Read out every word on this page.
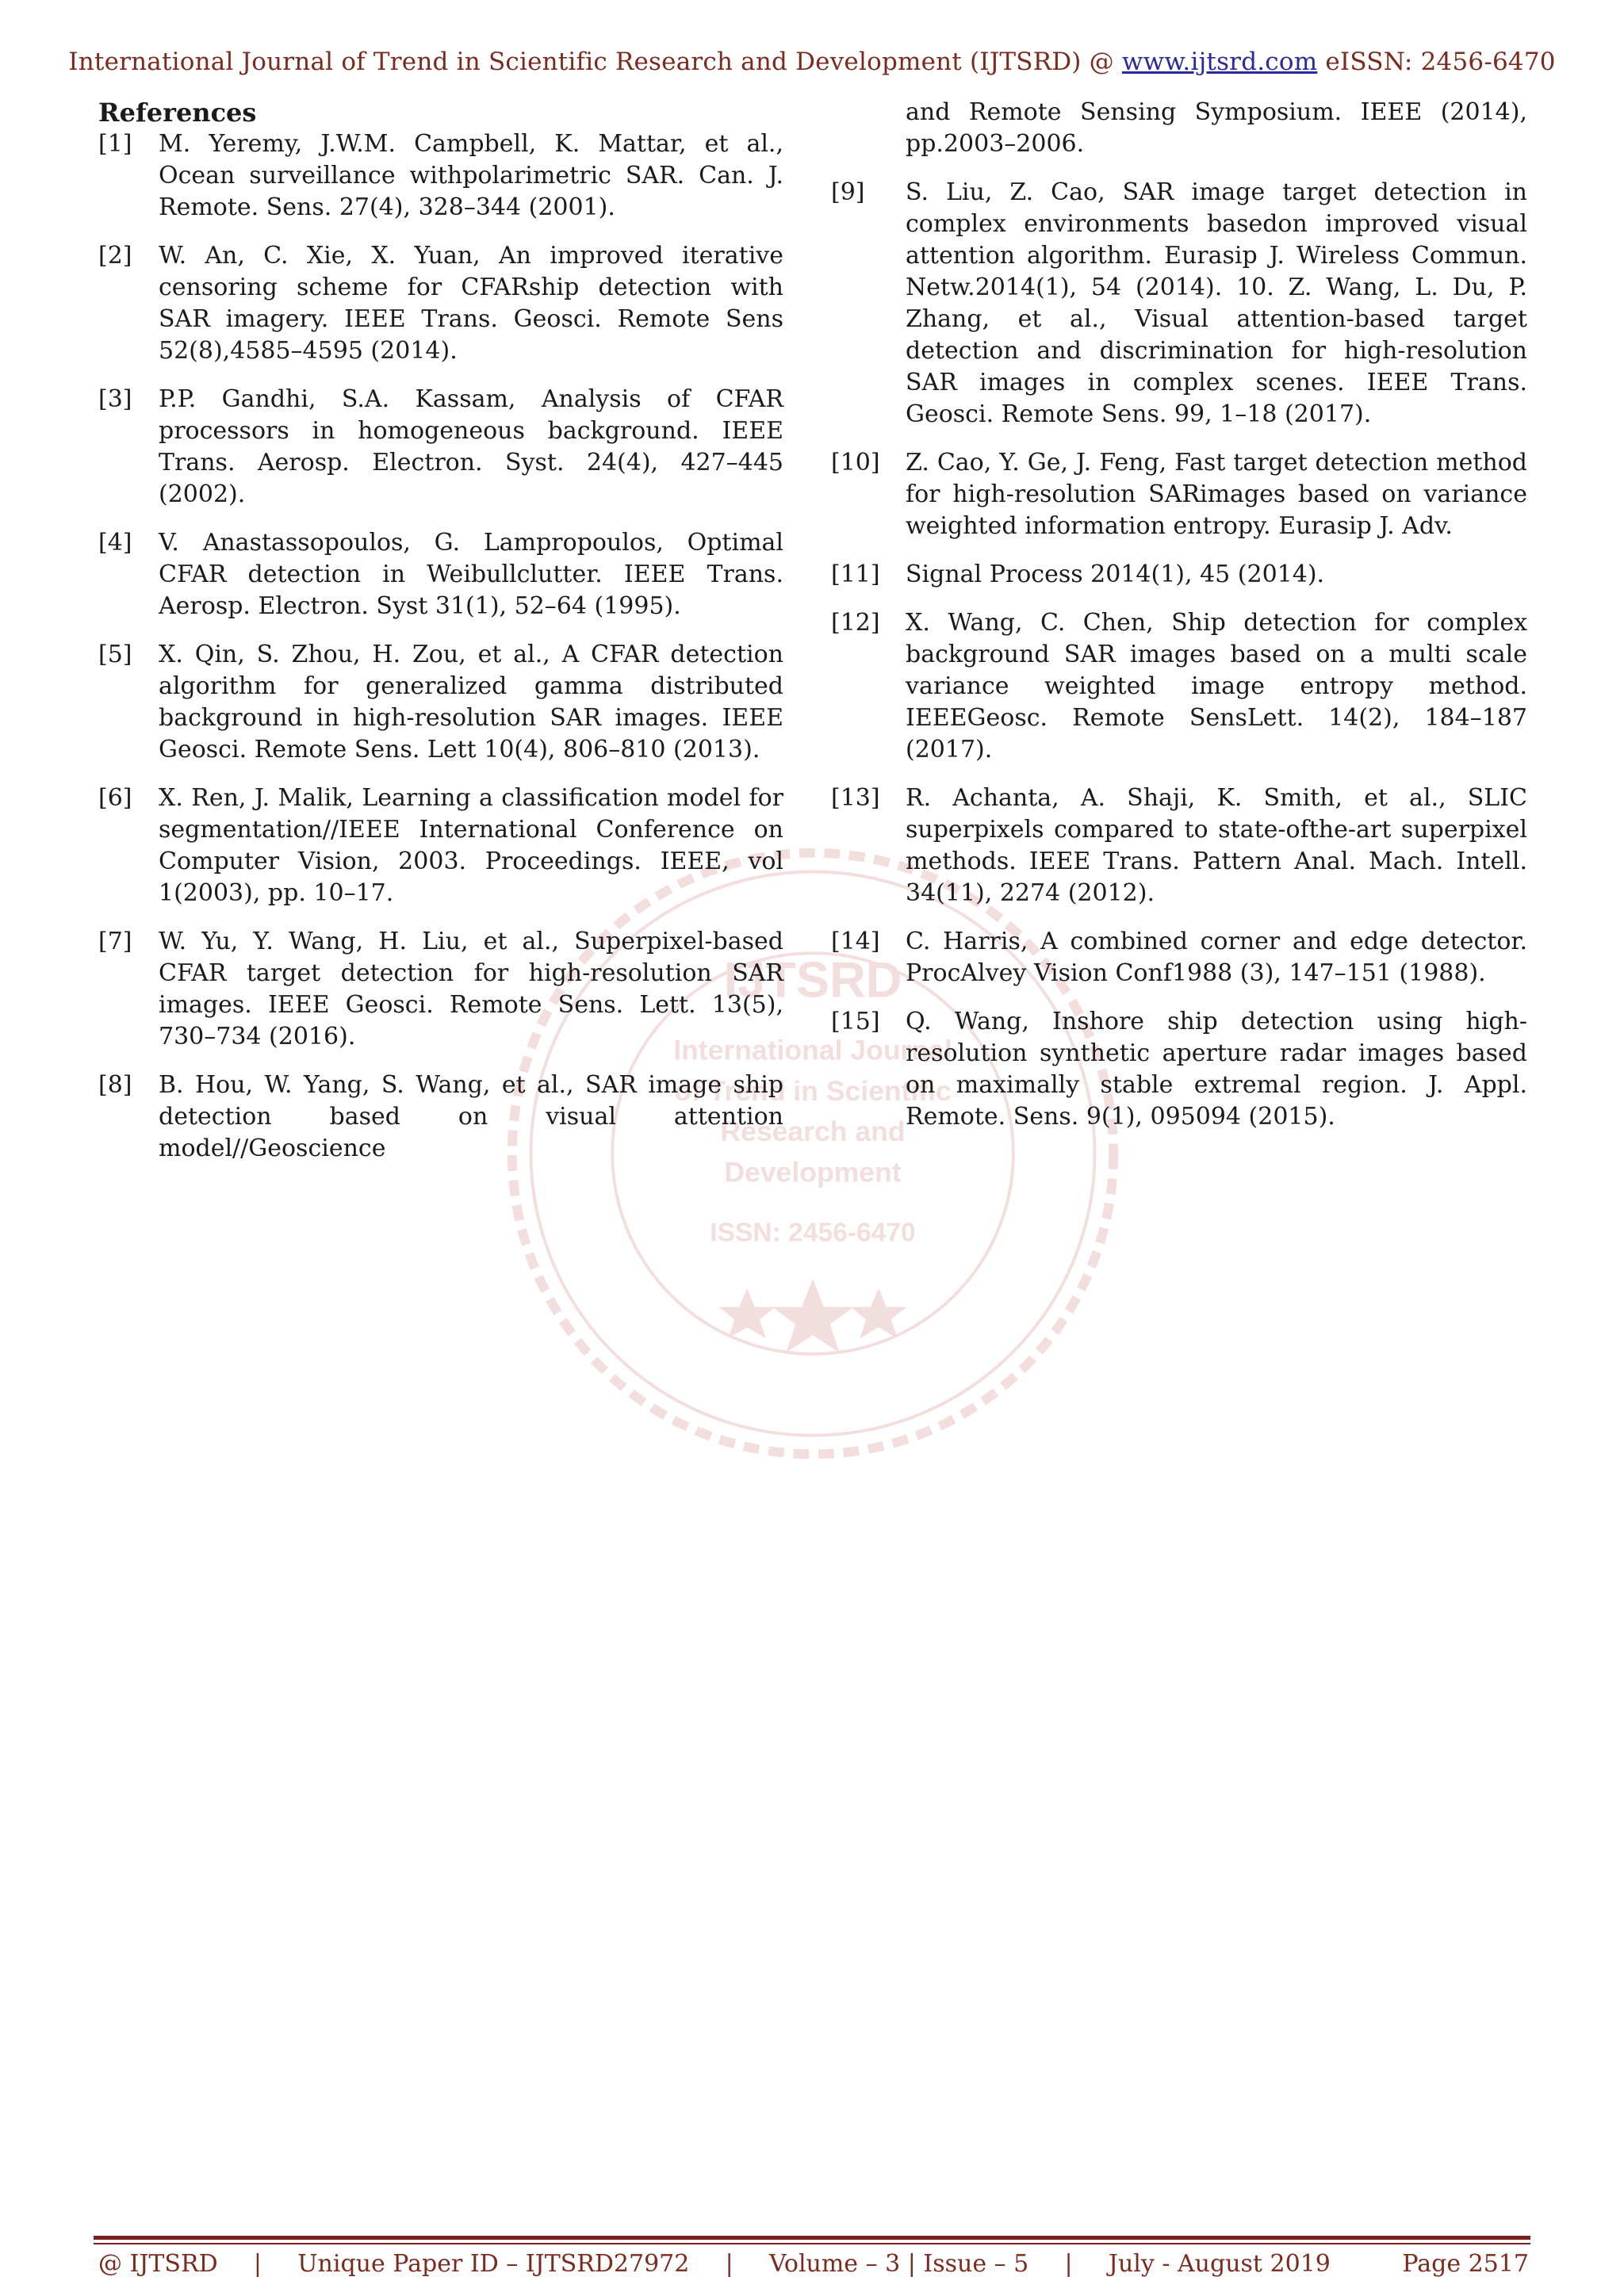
International Journal of Trend in Scientific Research and Development (IJTSRD) @ www.ijtsrd.com eISSN: 2456-6470
IJTSRD
International Journal
of Trend in Scientific
Research and
Development
ISSN: 2456-6470
References
[1]	M. Yeremy, J.W.M. Campbell, K. Mattar, et al., Ocean surveillance withpolarimetric SAR. Can. J. Remote. Sens. 27(4), 328–344 (2001).
[2]	W. An, C. Xie, X. Yuan, An improved iterative censoring scheme for CFARship detection with SAR imagery. IEEE Trans. Geosci. Remote Sens 52(8),4585–4595 (2014).
[3]	P.P. Gandhi, S.A. Kassam, Analysis of CFAR processors in homogeneous background. IEEE Trans. Aerosp. Electron. Syst. 24(4), 427–445 (2002).
[4]	V. Anastassopoulos, G. Lampropoulos, Optimal CFAR detection in Weibullclutter. IEEE Trans. Aerosp. Electron. Syst 31(1), 52–64 (1995).
[5]	X. Qin, S. Zhou, H. Zou, et al., A CFAR detection algorithm for generalized gamma distributed background in high-resolution SAR images. IEEE Geosci. Remote Sens. Lett 10(4), 806–810 (2013).
[6]	X. Ren, J. Malik, Learning a classification model for segmentation//IEEE International Conference on Computer Vision, 2003. Proceedings. IEEE, vol 1(2003), pp. 10–17.
[7]	W. Yu, Y. Wang, H. Liu, et al., Superpixel-based CFAR target detection for high-resolution SAR images. IEEE Geosci. Remote Sens. Lett. 13(5), 730–734 (2016).
[8]	B. Hou, W. Yang, S. Wang, et al., SAR image ship detection based on visual attention model//Geoscience
and Remote Sensing Symposium. IEEE (2014), pp.2003–2006.
[9]	S. Liu, Z. Cao, SAR image target detection in complex environments basedon improved visual attention algorithm. Eurasip J. Wireless Commun. Netw.2014(1), 54 (2014). 10. Z. Wang, L. Du, P. Zhang, et al., Visual attention-based target detection and discrimination for high-resolution SAR images in complex scenes. IEEE Trans. Geosci. Remote Sens. 99, 1–18 (2017).
[10]	Z. Cao, Y. Ge, J. Feng, Fast target detection method for high-resolution SARimages based on variance weighted information entropy. Eurasip J. Adv.
[11]	Signal Process 2014(1), 45 (2014).
[12]	X. Wang, C. Chen, Ship detection for complex background SAR images based on a multi scale variance weighted image entropy method. IEEEGeosc. Remote SensLett. 14(2), 184–187 (2017).
[13]	R. Achanta, A. Shaji, K. Smith, et al., SLIC superpixels compared to state-ofthe-art superpixel methods. IEEE Trans. Pattern Anal. Mach. Intell. 34(11), 2274 (2012).
[14]	C. Harris, A combined corner and edge detector. ProcAlvey Vision Conf1988 (3), 147–151 (1988).
[15]	Q. Wang, Inshore ship detection using high-resolution synthetic aperture radar images based on maximally stable extremal region. J. Appl. Remote. Sens. 9(1), 095094 (2015).
@ IJTSRD	|	Unique Paper ID – IJTSRD27972	|	Volume – 3 | Issue – 5	|	July - August 2019	Page 2517
